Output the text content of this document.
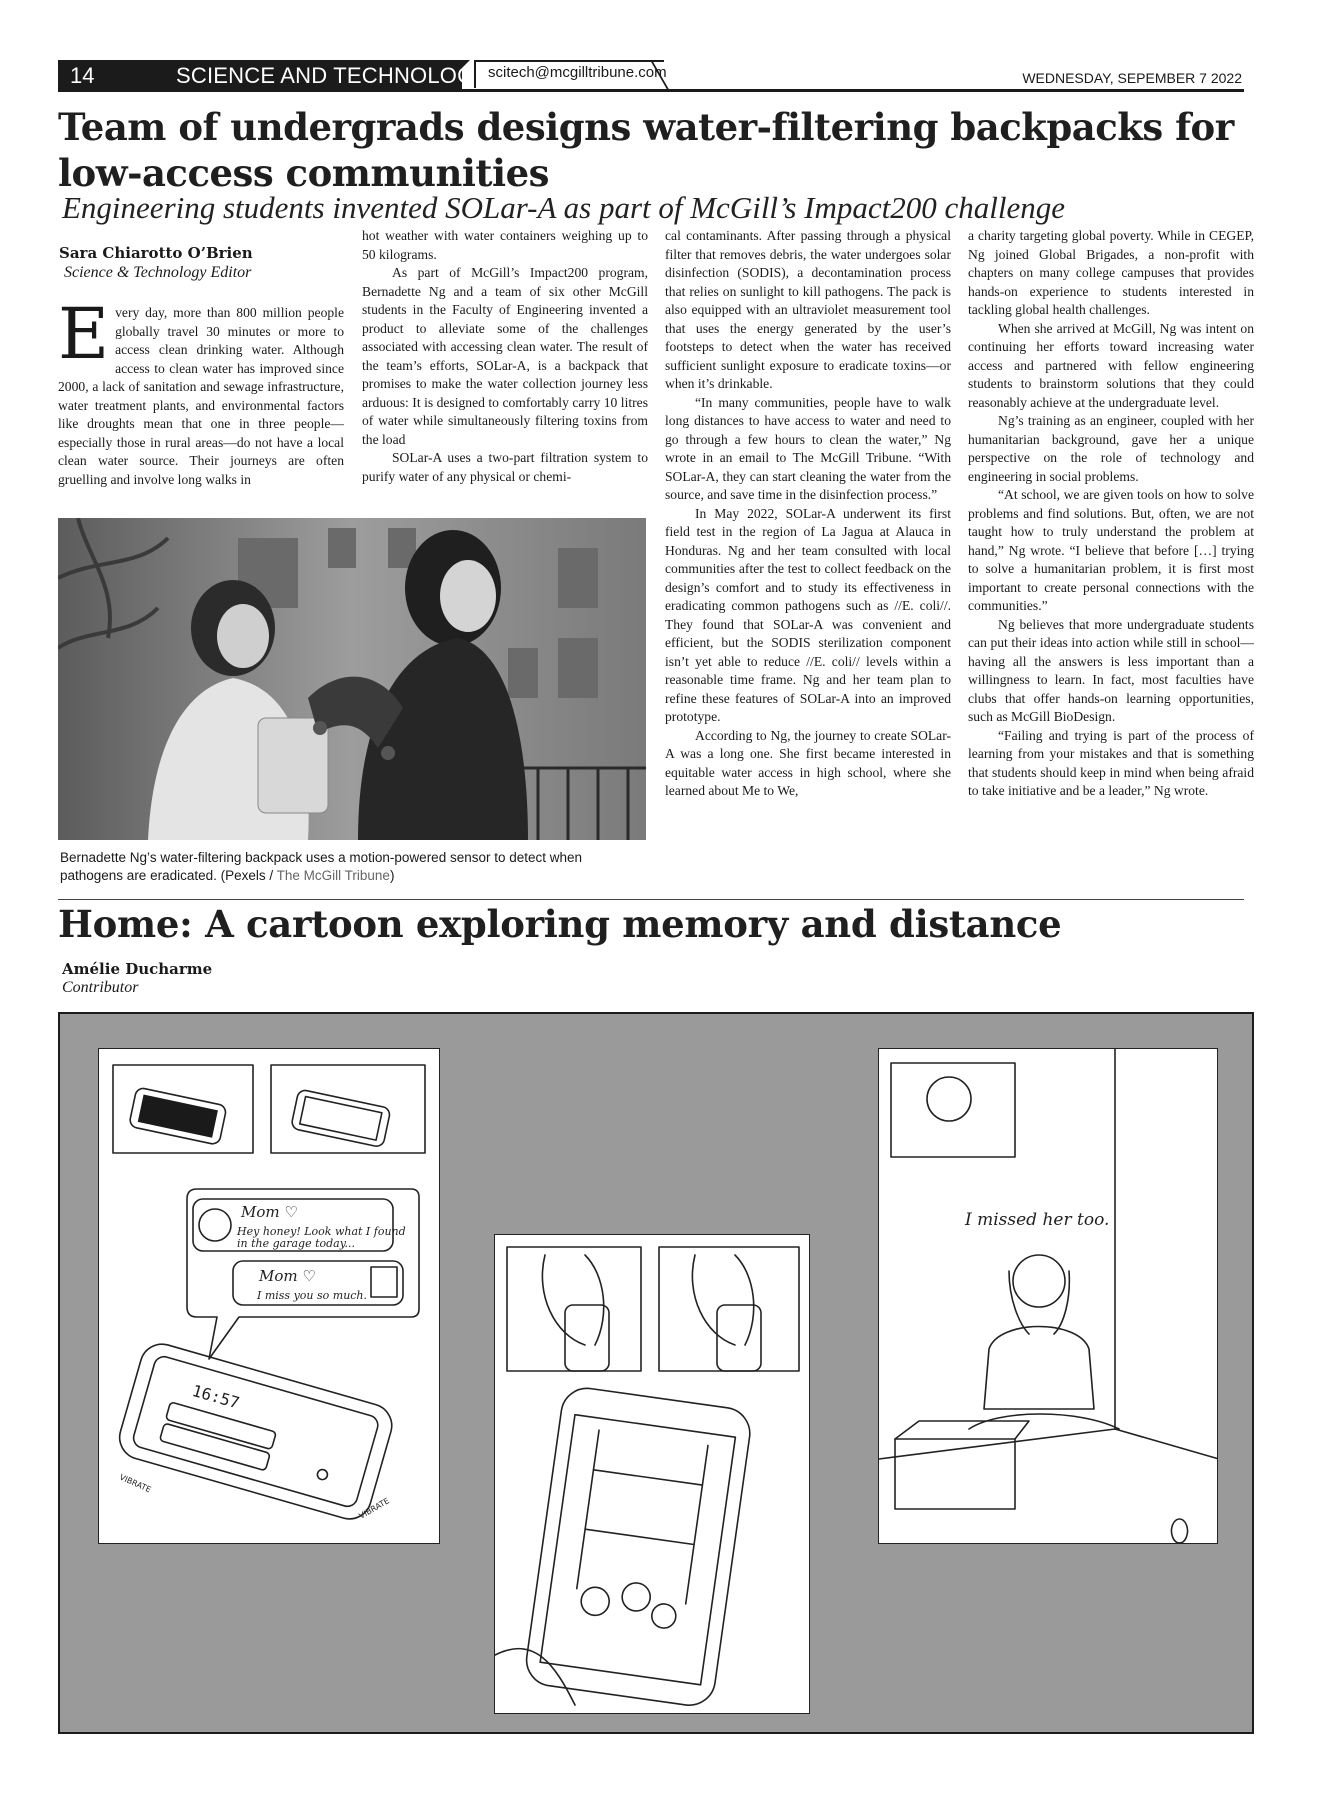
14	SCIENCE AND TECHNOLOGY
scitech@mcgilltribune.com	WEDNESDAY, SEPEMBER 7 2022
Team of undergrads designs water-filtering backpacks for low-access communities
Engineering students invented SOLar-A as part of McGill’s Impact200 challenge
Sara Chiarotto O’Brien
Science & Technology Editor
E very day, more than 800 million people globally travel 30 minutes or more to access clean drinking water. Although access to clean water has improved since 2000, a lack of sanitation and sewage infrastructure, water treatment plants, and environmental factors like droughts mean that one in three people—especially those in rural areas—do not have a local clean water source. Their journeys are often gruelling and involve long walks in

hot weather with water containers weighing up to 50 kilograms.

As part of McGill’s Impact200 program, Bernadette Ng and a team of six other McGill students in the Faculty of Engineering invented a product to alleviate some of the challenges associated with accessing clean water. The result of the team’s efforts, SOLar-A, is a backpack that promises to make the water collection journey less arduous: It is designed to comfortably carry 10 litres of water while simultaneously filtering toxins from the load

SOLar-A uses a two-part filtration system to purify water of any physical or chemi-

cal contaminants. After passing through a physical filter that removes debris, the water undergoes solar disinfection (SODIS), a decontamination process that relies on sunlight to kill pathogens. The pack is also equipped with an ultraviolet measurement tool that uses the energy generated by the user’s footsteps to detect when the water has received sufficient sunlight exposure to eradicate toxins—or when it’s drinkable.

“In many communities, people have to walk long distances to have access to water and need to go through a few hours to clean the water,” Ng wrote in an email to The McGill Tribune. “With SOLar-A, they can start cleaning the water from the source, and save time in the disinfection process.”

In May 2022, SOLar-A underwent its first field test in the region of La Jagua at Alauca in Honduras. Ng and her team consulted with local communities after the test to collect feedback on the design’s comfort and to study its effectiveness in eradicating common pathogens such as //E. coli//. They found that SOLar-A was convenient and efficient, but the SODIS sterilization component isn’t yet able to reduce //E. coli// levels within a reasonable time frame. Ng and her team plan to refine these features of SOLar-A into an improved prototype.

According to Ng, the journey to create SOLar-A was a long one. She first became interested in equitable water access in high school, where she learned about Me to We,

a charity targeting global poverty. While in CEGEP, Ng joined Global Brigades, a non-profit with chapters on many college campuses that provides hands-on experience to students interested in tackling global health challenges.

When she arrived at McGill, Ng was intent on continuing her efforts toward increasing water access and partnered with fellow engineering students to brainstorm solutions that they could reasonably achieve at the undergraduate level.

Ng’s training as an engineer, coupled with her humanitarian background, gave her a unique perspective on the role of technology and engineering in social problems.

“At school, we are given tools on how to solve problems and find solutions. But, often, we are not taught how to truly understand the problem at hand,” Ng wrote. “I believe that before […] trying to solve a humanitarian problem, it is first most important to create personal connections with the communities.”

Ng believes that more undergraduate students can put their ideas into action while still in school—having all the answers is less important than a willingness to learn. In fact, most faculties have clubs that offer hands-on learning opportunities, such as McGill BioDesign.

“Failing and trying is part of the process of learning from your mistakes and that is something that students should keep in mind when being afraid to take initiative and be a leader,” Ng wrote.

Bernadette Ng’s water-filtering backpack uses a motion-powered sensor to detect when pathogens are eradicated. (Pexels / The McGill Tribune)
Home: A cartoon exploring memory and distance
Amélie Ducharme
Contributor
Mom ♡
Hey honey! Look what I found
in the garage today...
Mom ♡
I miss you so much.
16:57
VIBRATE
VIBRATE
I missed her too.
